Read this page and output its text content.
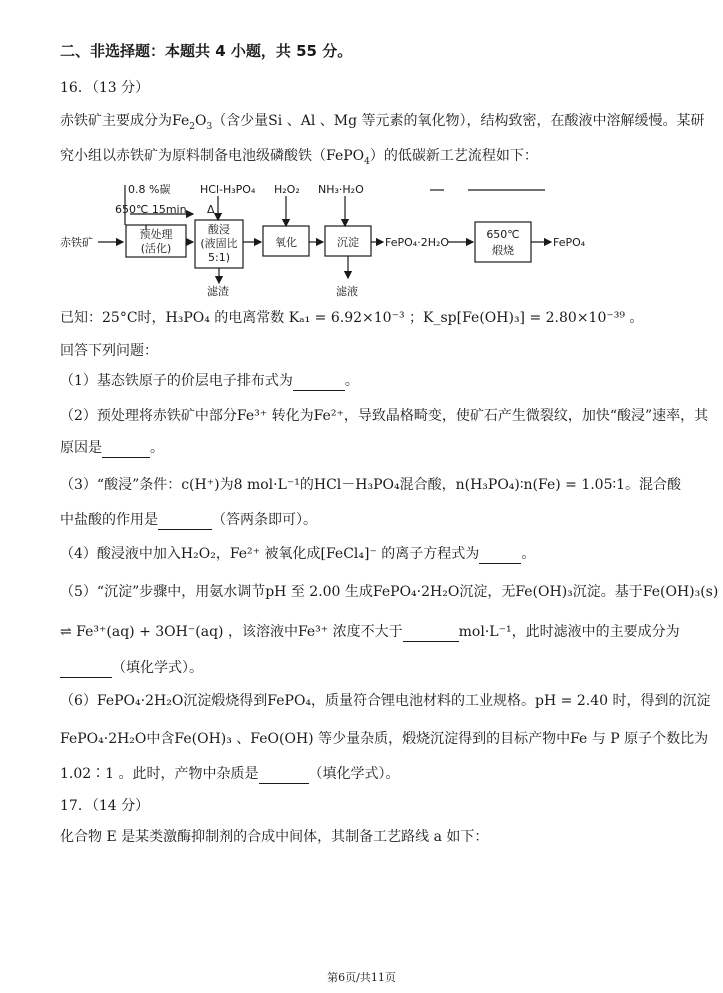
二、非选择题：本题共 4 小题，共 55 分。
16．（13 分）
赤铁矿主要成分为$Fe_2O_3$（含少量Si 、Al 、Mg 等元素的氧化物），结构致密，在酸液中溶解缓慢。某研
究小组以赤铁矿为原料制备电池级磷酸铁（FePO$_4$）的低碳新工艺流程如下：
0.8 %碳	HCl-H₃PO₄ H₂O₂ NH₃·H₂O
650℃ 15min Δ
赤铁矿
预处理
(活化)
酸浸
(液固比
5:1)
氧化	沉淀 FePO₄·2H₂O
650℃
煅烧
FePO₄
滤渣	滤液
已知：25°C时，H₃PO₄ 的电离常数 Kₐ₁ = 6.92×10⁻³ ；K_sp[Fe(OH)₃] = 2.80×10⁻³⁹ 。
回答下列问题：
（1）基态铁原子的价层电子排布式为	。
（2）预处理将赤铁矿中部分Fe³⁺ 转化为Fe²⁺，导致晶格畸变，使矿石产生微裂纹，加快“酸浸”速率，其
原因是	。
（3）“酸浸”条件：c(H⁺)为8 mol·L⁻¹的HCl－H₃PO₄混合酸，n(H₃PO₄)∶n(Fe) = 1.05∶1。混合酸
中盐酸的作用是	（答两条即可）。
（4）酸浸液中加入H₂O₂，Fe²⁺ 被氧化成[FeCl₄]⁻ 的离子方程式为	。
（5）“沉淀”步骤中，用氨水调节pH 至 2.00 生成FePO₄·2H₂O沉淀，无Fe(OH)₃沉淀。基于Fe(OH)₃(s)
⇌ Fe³⁺(aq) + 3OH⁻(aq) ，该溶液中Fe³⁺ 浓度不大于	mol·L⁻¹，此时滤液中的主要成分为
（填化学式）。
（6）FePO₄·2H₂O沉淀煅烧得到FePO₄，质量符合锂电池材料的工业规格。pH = 2.40 时，得到的沉淀
FePO₄·2H₂O中含Fe(OH)₃ 、FeO(OH) 等少量杂质，煅烧沉淀得到的目标产物中Fe 与 P 原子个数比为
1.02∶1 。此时，产物中杂质是	（填化学式）。
17．（14 分）
化合物 E 是某类激酶抑制剂的合成中间体，其制备工艺路线 a 如下：
第6页/共11页
